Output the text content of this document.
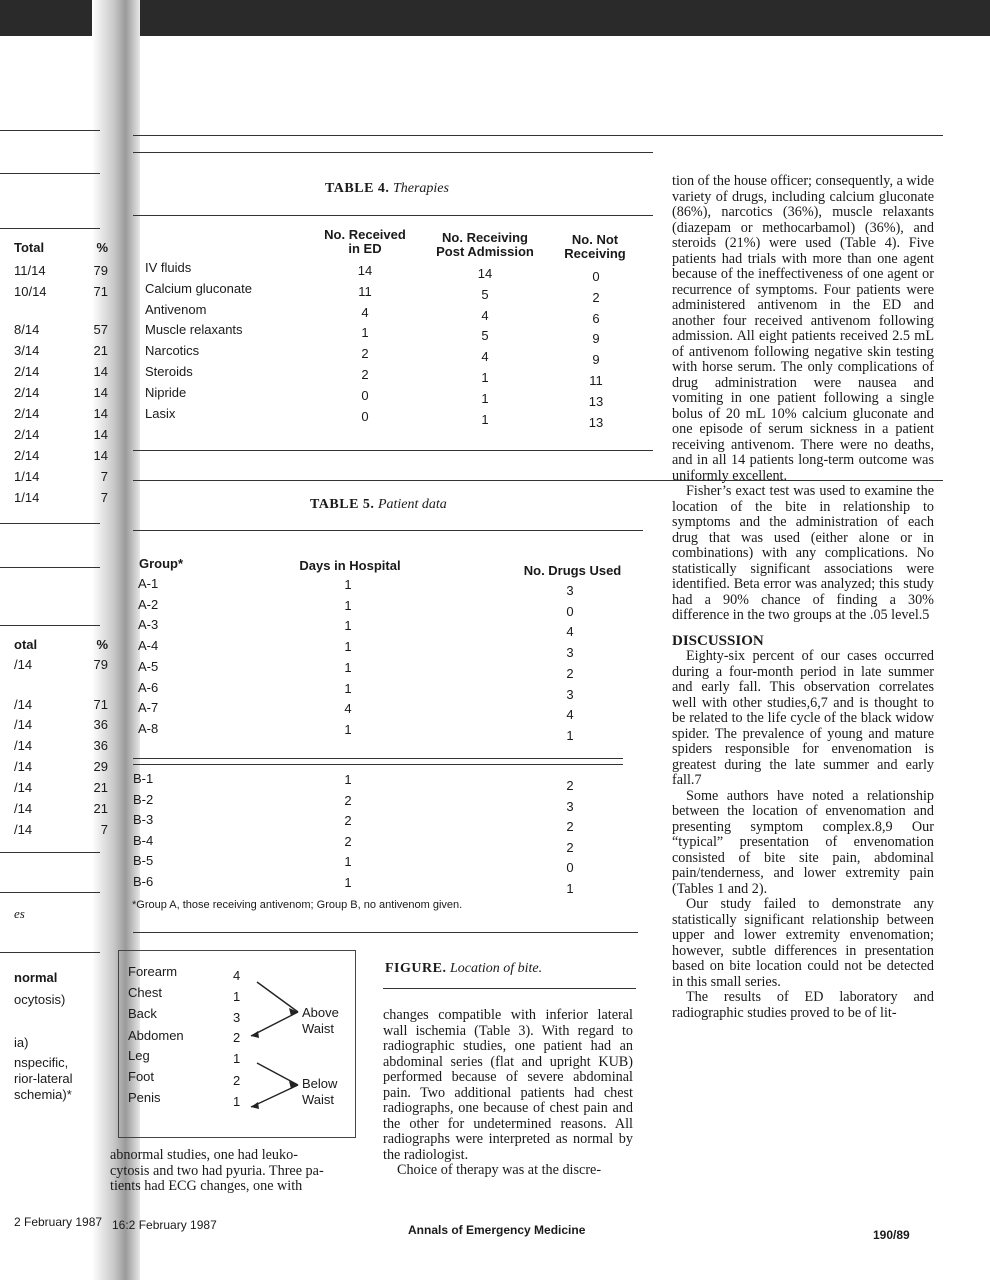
Total	%
11/14	79
10/14	71
8/14	57
3/14	21
2/14	14
2/14	14
2/14	14
2/14	14
2/14	14
1/14	7
1/14	7
otal	%
/14	79
/14	71
/14	36
/14	36
/14	29
/14	21
/14	21
/14	7
es
normal
ocytosis)
ia)
nspecific,
rior-lateral
schemia)*
2 February 1987
TABLE 4. Therapies
No. Received
in ED
No. Receiving
Post Admission
No. Not
Receiving
IV fluids	14	14	0
Calcium gluconate	11	5	2
Antivenom	4	4	6
Muscle relaxants	1	5	9
Narcotics	2	4	9
Steroids	2	1	11
Nipride	0	1	13
Lasix	0	1	13
TABLE 5. Patient data
Group*	Days in Hospital	No. Drugs Used
A-1	1	3
A-2	1	0
A-3	1	4
A-4	1	3
A-5	1	2
A-6	1	3
A-7	4	4
A-8	1	1
B-1	1	2
B-2	2	3
B-3	2	2
B-4	2	2
B-5	1	0
B-6	1	1
*Group A, those receiving antivenom; Group B, no antivenom given.
Forearm	4
Chest	1
Back	3
Abdomen	2
Leg	1
Foot	2
Penis	1
Above
Waist
Below
Waist
FIGURE. Location of bite.
abnormal studies, one had leuko-
cytosis and two had pyuria. Three pa-
tients had ECG changes, one with

changes compatible with inferior lateral wall ischemia (Table 3). With regard to radiographic studies, one patient had an abdominal series (flat and upright KUB) performed because of severe abdominal pain. Two additional patients had chest radiographs, one because of chest pain and the other for undetermined reasons. All radiographs were interpreted as normal by the radiologist.

Choice of therapy was at the discre-

tion of the house officer; consequently, a wide variety of drugs, including calcium gluconate (86%), narcotics (36%), muscle relaxants (diazepam or methocarbamol) (36%), and steroids (21%) were used (Table 4). Five patients had trials with more than one agent because of the ineffectiveness of one agent or recurrence of symptoms. Four patients were administered antivenom in the ED and another four received antivenom following admission. All eight patients received 2.5 mL of antivenom following negative skin testing with horse serum. The only complications of drug administration were nausea and vomiting in one patient following a single bolus of 20 mL 10% calcium gluconate and one episode of serum sickness in a patient receiving antivenom. There were no deaths, and in all 14 patients long-term outcome was uniformly excellent.

Fisher’s exact test was used to examine the location of the bite in relationship to symptoms and the administration of each drug that was used (either alone or in combinations) with any complications. No statistically significant associations were identified. Beta error was analyzed; this study had a 90% chance of finding a 30% difference in the two groups at the .05 level.5

DISCUSSION

Eighty-six percent of our cases occurred during a four-month period in late summer and early fall. This observation correlates well with other studies,6,7 and is thought to be related to the life cycle of the black widow spider. The prevalence of young and mature spiders responsible for envenomation is greatest during the late summer and early fall.7

Some authors have noted a relationship between the location of envenomation and presenting symptom complex.8,9 Our “typical” presentation of envenomation consisted of bite site pain, abdominal pain/tenderness, and lower extremity pain (Tables 1 and 2).

Our study failed to demonstrate any statistically significant relationship between upper and lower extremity envenomation; however, subtle differences in presentation based on bite location could not be detected in this small series.

The results of ED laboratory and radiographic studies proved to be of lit-

16:2 February 1987	Annals of Emergency Medicine	190/89
